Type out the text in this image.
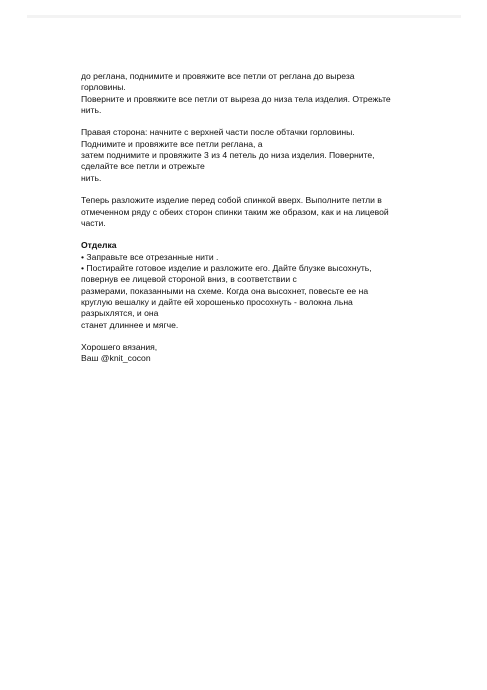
до реглана, поднимите и провяжите все петли от реглана до выреза
горловины.
Поверните и провяжите все петли от выреза до низа тела изделия. Отрежьте
нить.
Правая сторона: начните с верхней части после обтачки горловины.
Поднимите и провяжите все петли реглана, а
затем поднимите и провяжите 3 из 4 петель до низа изделия. Поверните,
сделайте все петли и отрежьте
нить.
Теперь разложите изделие перед собой спинкой вверх. Выполните петли в
отмеченном ряду с обеих сторон спинки таким же образом, как и на лицевой
части.
Отделка
• Заправьте все отрезанные нити .
• Постирайте готовое изделие и разложите его. Дайте блузке высохнуть,
повернув ее лицевой стороной вниз, в соответствии с
размерами, показанными на схеме. Когда она высохнет, повесьте ее на
круглую вешалку и дайте ей хорошенько просохнуть - волокна льна
разрыхлятся, и она
станет длиннее и мягче.
Хорошего вязания,
Ваш @knit_cocon
